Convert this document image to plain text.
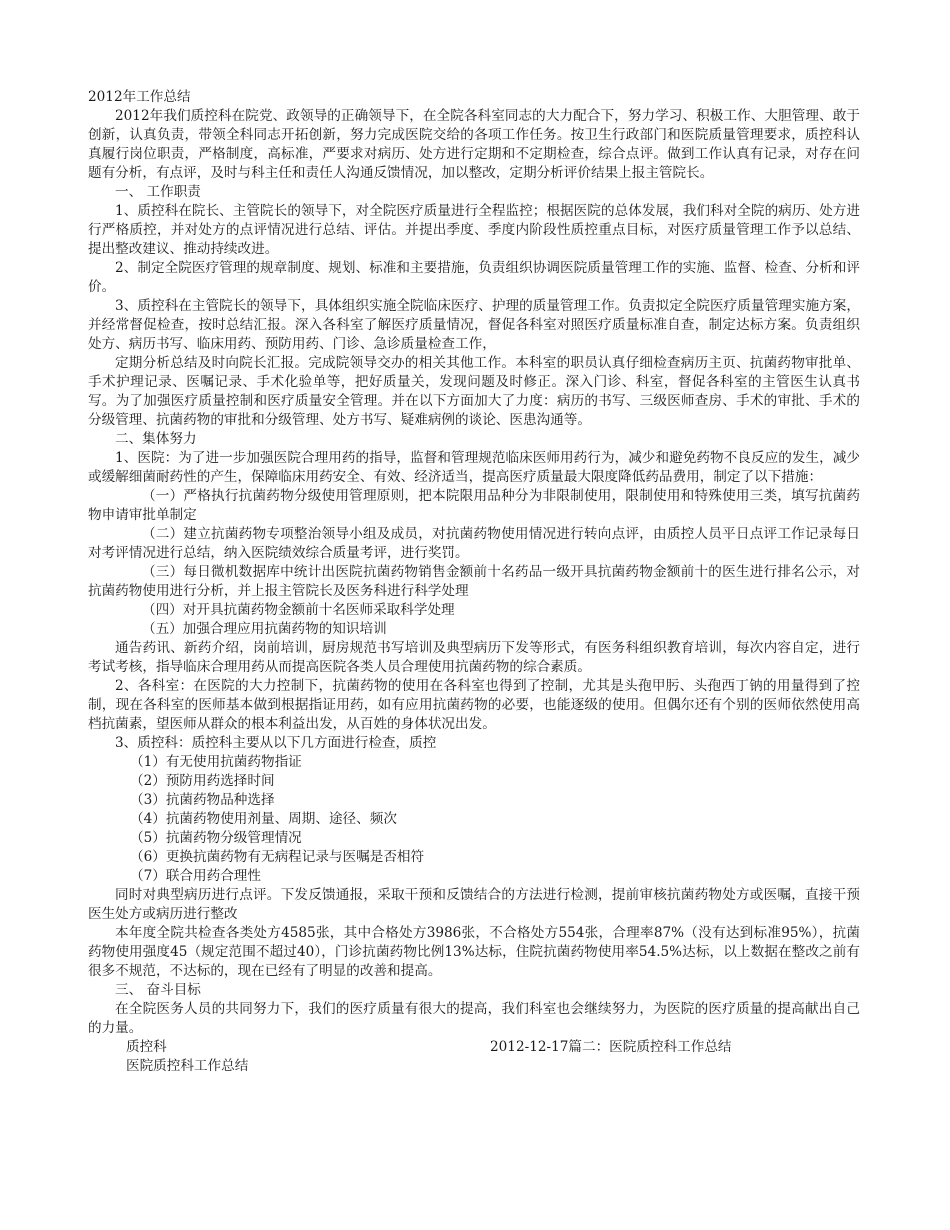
2012年工作总结

2012年我们质控科在院党、政领导的正确领导下，在全院各科室同志的大力配合下，努力学习、积极工作、大胆管理、敢于创新，认真负责，带领全科同志开拓创新，努力完成医院交给的各项工作任务。按卫生行政部门和医院质量管理要求，质控科认真履行岗位职责，严格制度，高标准，严要求对病历、处方进行定期和不定期检查，综合点评。做到工作认真有记录，对存在问题有分析，有点评，及时与科主任和责任人沟通反馈情况，加以整改，定期分析评价结果上报主管院长。

一、 工作职责

1、质控科在院长、主管院长的领导下，对全院医疗质量进行全程监控；根据医院的总体发展，我们科对全院的病历、处方进行严格质控，并对处方的点评情况进行总结、评估。并提出季度、季度内阶段性质控重点目标，对医疗质量管理工作予以总结、提出整改建议、推动持续改进。

2、制定全院医疗管理的规章制度、规划、标准和主要措施，负责组织协调医院质量管理工作的实施、监督、检查、分析和评价。

3、质控科在主管院长的领导下，具体组织实施全院临床医疗、护理的质量管理工作。负责拟定全院医疗质量管理实施方案，并经常督促检查，按时总结汇报。深入各科室了解医疗质量情况，督促各科室对照医疗质量标准自查，制定达标方案。负责组织处方、病历书写、临床用药、预防用药、门诊、急诊质量检查工作，

定期分析总结及时向院长汇报。完成院领导交办的相关其他工作。本科室的职员认真仔细检查病历主页、抗菌药物审批单、手术护理记录、医嘱记录、手术化验单等，把好质量关，发现问题及时修正。深入门诊、科室，督促各科室的主管医生认真书写。为了加强医疗质量控制和医疗质量安全管理。并在以下方面加大了力度：病历的书写、三级医师查房、手术的审批、手术的分级管理、抗菌药物的审批和分级管理、处方书写、疑难病例的谈论、医患沟通等。

二、集体努力

1、医院：为了进一步加强医院合理用药的指导，监督和管理规范临床医师用药行为，减少和避免药物不良反应的发生，减少或缓解细菌耐药性的产生，保障临床用药安全、有效、经济适当，提高医疗质量最大限度降低药品费用，制定了以下措施：

（一）严格执行抗菌药物分级使用管理原则，把本院限用品种分为非限制使用，限制使用和特殊使用三类，填写抗菌药物申请审批单制定

（二）建立抗菌药物专项整治领导小组及成员，对抗菌药物使用情况进行转向点评，由质控人员平日点评工作记录每日对考评情况进行总结，纳入医院绩效综合质量考评，进行奖罚。

（三）每日微机数据库中统计出医院抗菌药物销售金额前十名药品一级开具抗菌药物金额前十的医生进行排名公示，对抗菌药物使用进行分析，并上报主管院长及医务科进行科学处理

（四）对开具抗菌药物金额前十名医师采取科学处理

（五）加强合理应用抗菌药物的知识培训

通告药讯、新药介绍，岗前培训，厨房规范书写培训及典型病历下发等形式，有医务科组织教育培训，每次内容自定，进行考试考核，指导临床合理用药从而提高医院各类人员合理使用抗菌药物的综合素质。

2、各科室：在医院的大力控制下，抗菌药物的使用在各科室也得到了控制，尤其是头孢甲肟、头孢西丁钠的用量得到了控制，现在各科室的医师基本做到根据指证用药，如有应用抗菌药物的必要，也能逐级的使用。但偶尔还有个别的医师依然使用高档抗菌素，望医师从群众的根本利益出发，从百姓的身体状况出发。

3、质控科：质控科主要从以下几方面进行检查，质控

（1）有无使用抗菌药物指证

（2）预防用药选择时间

（3）抗菌药物品种选择

（4）抗菌药物使用剂量、周期、途径、频次

（5）抗菌药物分级管理情况

（6）更换抗菌药物有无病程记录与医嘱是否相符

（7）联合用药合理性

同时对典型病历进行点评。下发反馈通报，采取干预和反馈结合的方法进行检测，提前审核抗菌药物处方或医嘱，直接干预医生处方或病历进行整改

本年度全院共检查各类处方4585张，其中合格处方3986张，不合格处方554张，合理率87%（没有达到标准95%），抗菌 药物使用强度45（规定范围不超过40），门诊抗菌药物比例13%达标，住院抗菌药物使用率54.5%达标，以上数据在整改之前有很多不规范，不达标的，现在已经有了明显的改善和提高。

三、 奋斗目标

在全院医务人员的共同努力下，我们的医疗质量有很大的提高，我们科室也会继续努力，为医院的医疗质量的提高献出自己的力量。

质控科	2012-12-17篇二：医院质控科工作总结

医院质控科工作总结
